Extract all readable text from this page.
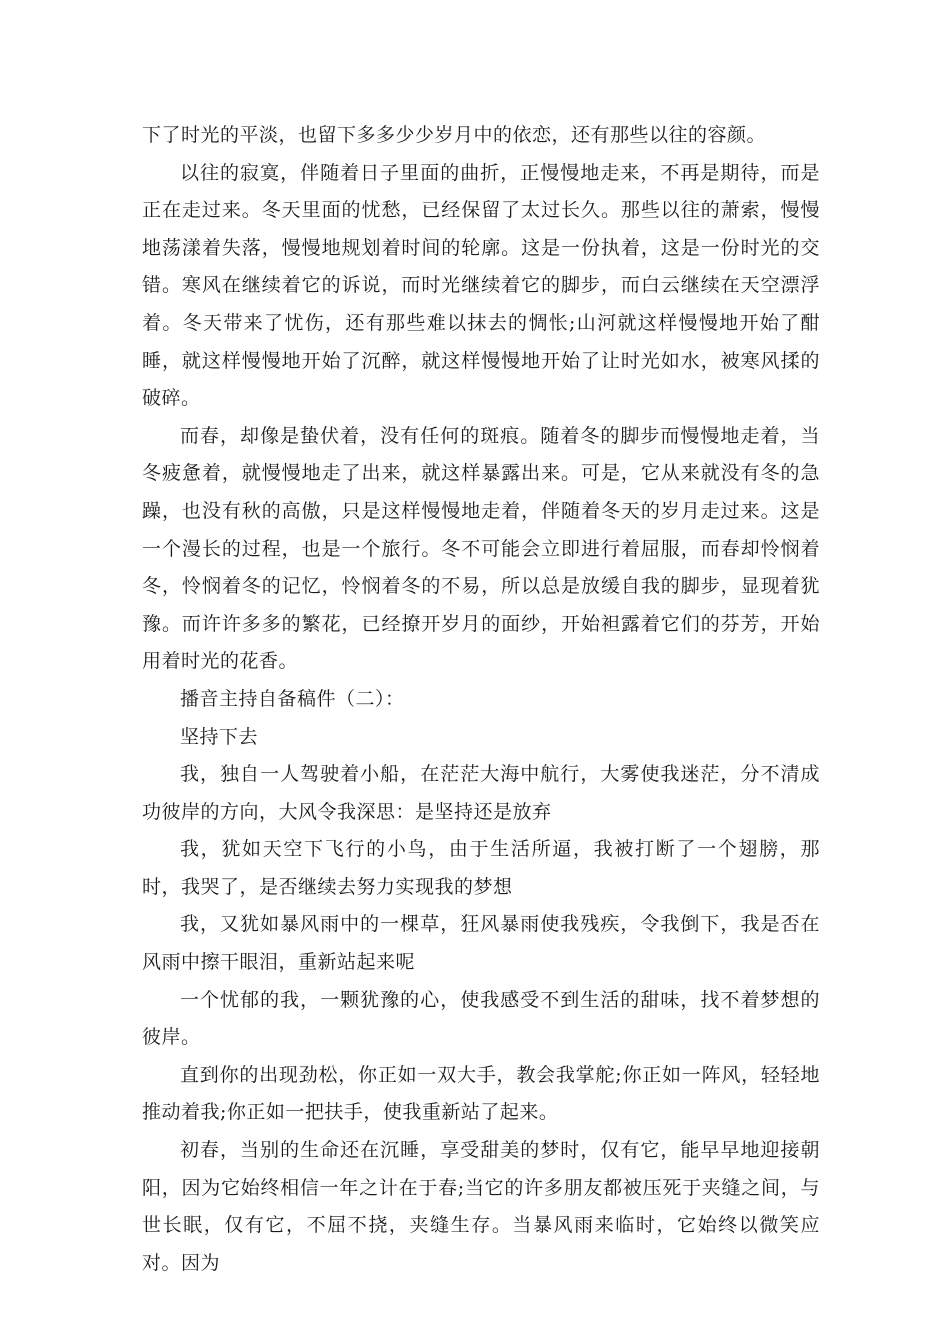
下了时光的平淡，也留下多多少少岁月中的依恋，还有那些以往的容颜。

以往的寂寞，伴随着日子里面的曲折，正慢慢地走来，不再是期待，而是正在走过来。冬天里面的忧愁，已经保留了太过长久。那些以往的萧索，慢慢地荡漾着失落，慢慢地规划着时间的轮廓。这是一份执着，这是一份时光的交错。寒风在继续着它的诉说，而时光继续着它的脚步，而白云继续在天空漂浮着。冬天带来了忧伤，还有那些难以抹去的惆怅;山河就这样慢慢地开始了酣睡，就这样慢慢地开始了沉醉，就这样慢慢地开始了让时光如水，被寒风揉的破碎。

而春，却像是蛰伏着，没有任何的斑痕。随着冬的脚步而慢慢地走着，当冬疲惫着，就慢慢地走了出来，就这样暴露出来。可是，它从来就没有冬的急躁，也没有秋的高傲，只是这样慢慢地走着，伴随着冬天的岁月走过来。这是一个漫长的过程，也是一个旅行。冬不可能会立即进行着屈服，而春却怜悯着冬，怜悯着冬的记忆，怜悯着冬的不易，所以总是放缓自我的脚步，显现着犹豫。而许许多多的繁花，已经撩开岁月的面纱，开始袒露着它们的芬芳，开始用着时光的花香。

播音主持自备稿件（二）：

坚持下去

我，独自一人驾驶着小船，在茫茫大海中航行，大雾使我迷茫，分不清成功彼岸的方向，大风令我深思：是坚持还是放弃

我，犹如天空下飞行的小鸟，由于生活所逼，我被打断了一个翅膀，那时，我哭了，是否继续去努力实现我的梦想

我，又犹如暴风雨中的一棵草，狂风暴雨使我残疾，令我倒下，我是否在风雨中擦干眼泪，重新站起来呢

一个忧郁的我，一颗犹豫的心，使我感受不到生活的甜味，找不着梦想的彼岸。

直到你的出现劲松，你正如一双大手，教会我掌舵;你正如一阵风，轻轻地推动着我;你正如一把扶手，使我重新站了起来。

初春，当别的生命还在沉睡，享受甜美的梦时，仅有它，能早早地迎接朝阳，因为它始终相信一年之计在于春;当它的许多朋友都被压死于夹缝之间，与世长眠，仅有它，不屈不挠，夹缝生存。当暴风雨来临时，它始终以微笑应对。因为
